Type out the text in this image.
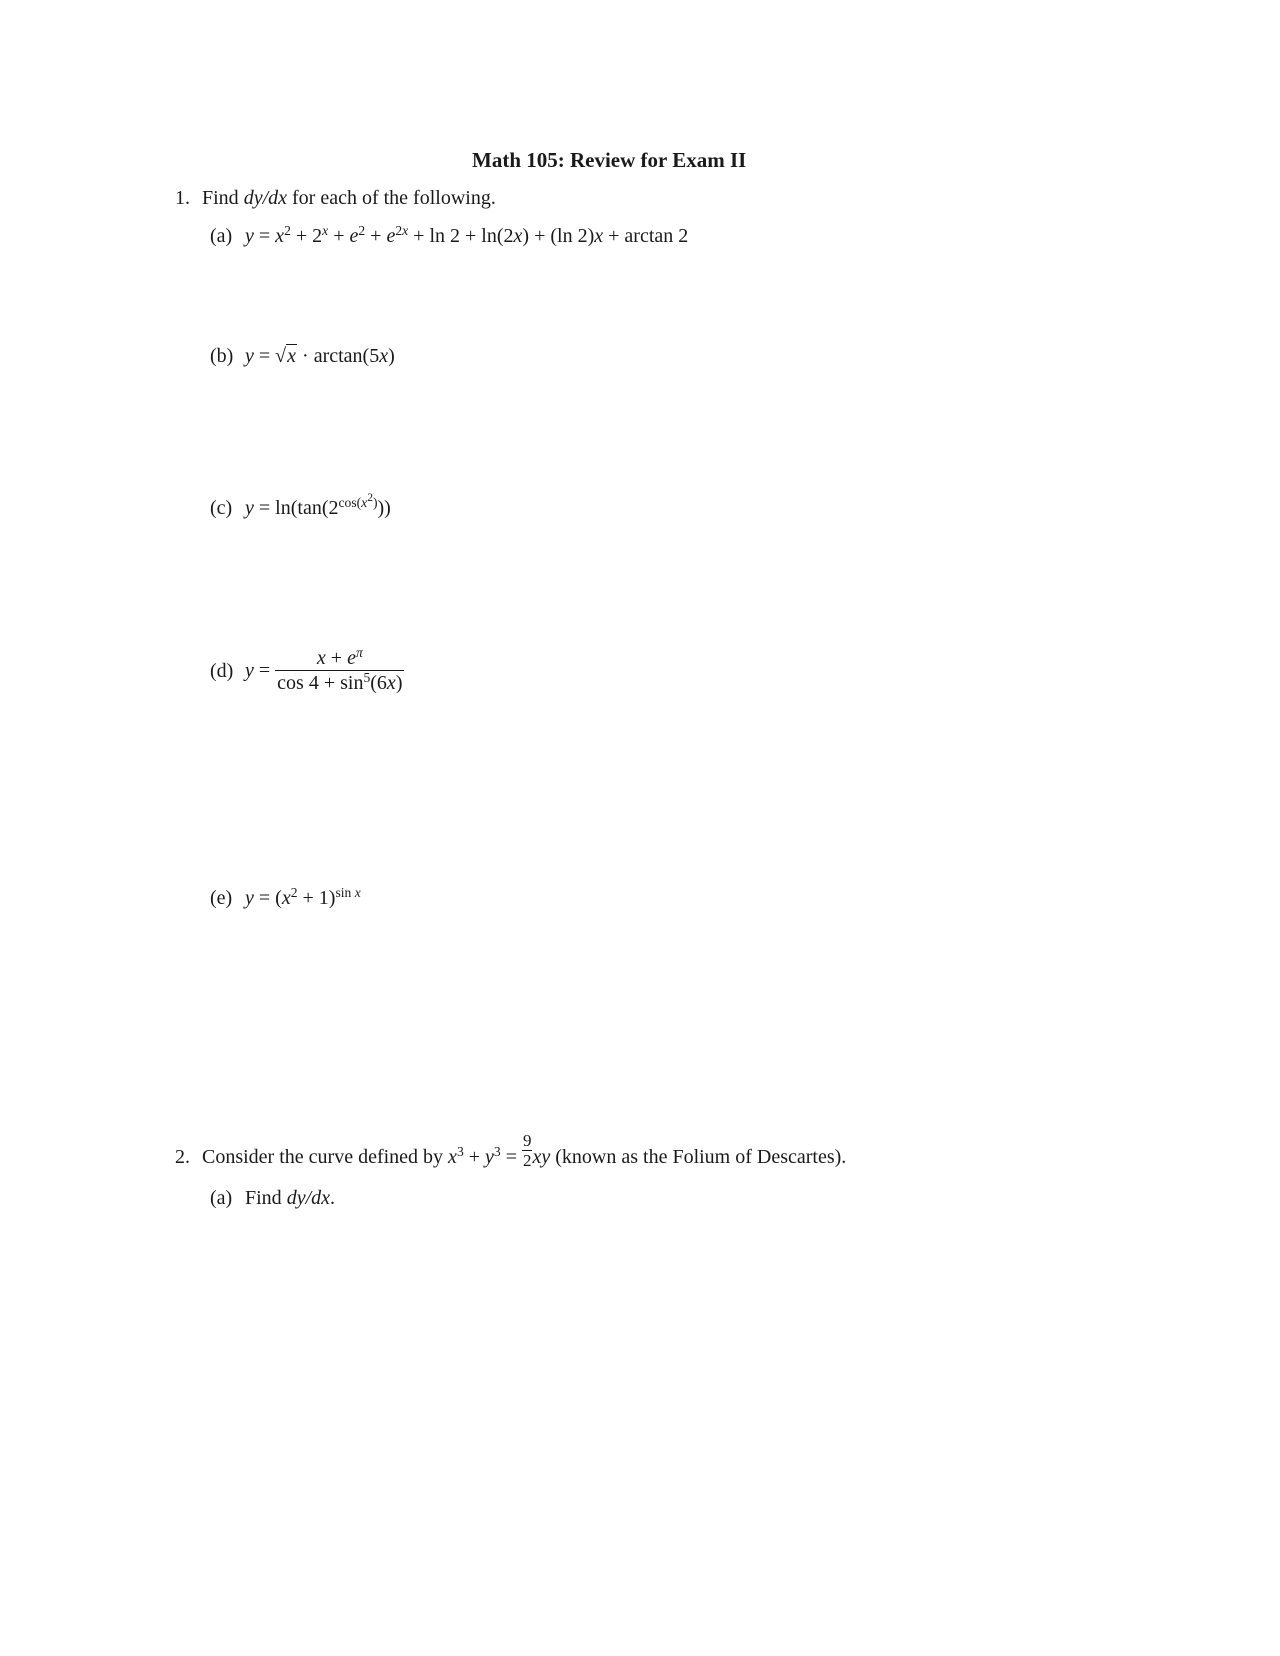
Math 105: Review for Exam II
1. Find dy/dx for each of the following.
(a) $y = x^2 + 2^x + e^2 + e^{2x} + \ln 2 + \ln(2x) + (\ln$ 2)x + arctan 2
(b) y = √x · arctan(5x)
(c) $y = \ln(\tan(2^{cos(x^2)}))$
(d) $y = \frac{x + e^\pi}{\cos 4 + \sin^5(6x)}$
(e) $y = (x^2 + 1)^{sin x}$
2. Consider the curve defined by $x^3 + y^3 = \frac{9}{2}$ xy (known as the Folium of Descartes).
(a) Find dy/dx.
